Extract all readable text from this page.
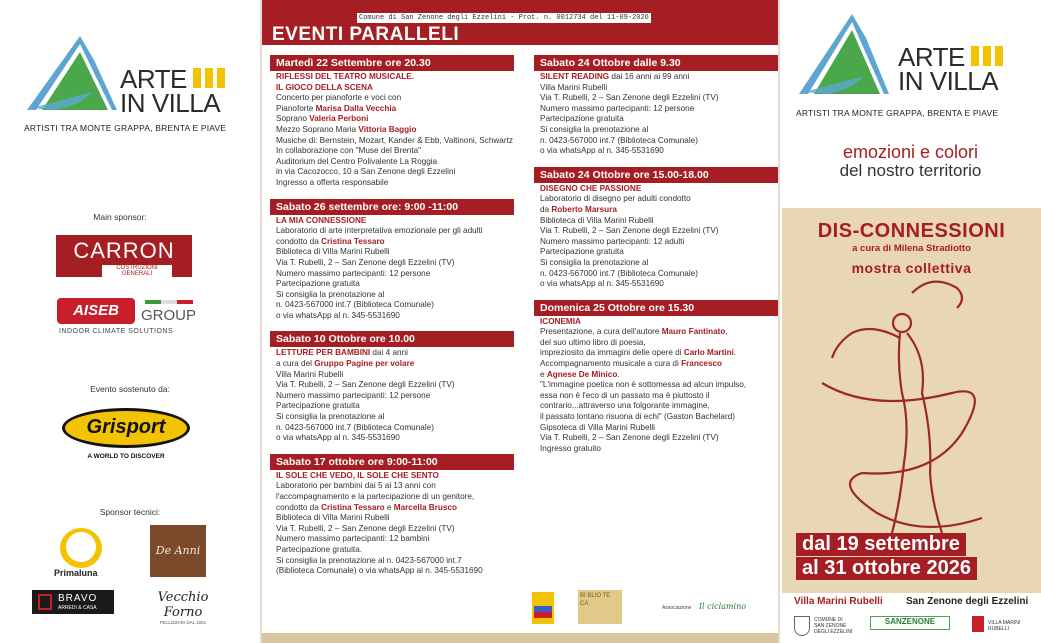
ARTE
IN VILLA
ARTISTI TRA MONTE GRAPPA, BRENTA E PIAVE
Main sponsor:
CARRON
COSTRUZIONI GENERALI
AISEB	GROUP
INDOOR CLIMATE SOLUTIONS
Evento sostenuto da:
Grisport
A WORLD TO DISCOVER
Sponsor tecnici:
Primaluna
De Anni
BRAVO
ARREDI & CASA
Vecchio Forno
PELLIZZARI DAL 1951
Comune di San Zenone degli Ezzelini - Prot. n. 0012734 del 11-09-2026
EVENTI PARALLELI
Martedì 22 Settembre ore 20.30
RIFLESSI DEL TEATRO MUSICALE.
IL GIOCO DELLA SCENA
Concerto per pianoforte e voci con
Pianoforte Marisa Dalla Vecchia
Soprano Valeria Perboni
Mezzo Soprano Maria Vittoria Baggio
Musiche di: Bernstein, Mozart, Kander & Ebb, Valtinoni, Schwartz
In collaborazione con "Muse del Brenta"
Auditorium del Centro Polivalente La Roggia
in via Cacozocco, 10 a San Zenone degli Ezzelini
Ingresso a offerta responsabile
Sabato 26 settembre ore: 9:00 -11:00
LA MIA CONNESSIONE
Laboratorio di arte interpretativa emozionale per gli adulti
condotto da Cristina Tessaro
Biblioteca di Villa Marini Rubelli
Via T. Rubelli, 2 – San Zenone degli Ezzelini (TV)
Numero massimo partecipanti: 12 persone
Partecipazione gratuita
Si consiglia la prenotazione al
n. 0423-567000 int.7 (Biblioteca Comunale)
o via whatsApp al n. 345-5531690
Sabato 10 Ottobre ore 10.00
LETTURE PER BAMBINI dai 4 anni
a cura del Gruppo Pagine per volare
Villa Marini Rubelli
Via T. Rubelli, 2 – San Zenone degli Ezzelini (TV)
Numero massimo partecipanti: 12 persone
Partecipazione gratuita
Si consiglia la prenotazione al
n. 0423-567000 int.7 (Biblioteca Comunale)
o via whatsApp al n. 345-5531690
Sabato 17 ottobre ore 9:00-11:00
IL SOLE CHE VEDO, IL SOLE CHE SENTO
Laboratorio per bambini dai 5 ai 13 anni con
l'accompagnamento e la partecipazione di un genitore,
condotto da Cristina Tessaro e Marcella Brusco
Biblioteca di Villa Marini Rubelli
Via T. Rubelli, 2 – San Zenone degli Ezzelini (TV)
Numero massimo partecipanti: 12 bambini
Partecipazione gratuita.
Si consiglia la prenotazione al n. 0423-567000 int.7
(Biblioteca Comunale) o via whatsApp al n. 345-5531690
Sabato 24 Ottobre dalle 9.30
SILENT READING dai 16 anni ai 99 anni
Villa Marini Rubelli
Via T. Rubelli, 2 – San Zenone degli Ezzelini (TV)
Numero massimo partecipanti: 12 persone
Partecipazione gratuita
Si consiglia la prenotazione al
n. 0423-567000 int.7 (Biblioteca Comunale)
o via whatsApp al n. 345-5531690
Sabato 24 Ottobre ore 15.00-18.00
DISEGNO CHE PASSIONE
Laboratorio di disegno per adulti condotto
da Roberto Marsura
Biblioteca di Villa Marini Rubelli
Via T. Rubelli, 2 – San Zenone degli Ezzelini (TV)
Numero massimo partecipanti: 12 adulti
Partecipazione gratuita
Si consiglia la prenotazione al
n. 0423-567000 int.7 (Biblioteca Comunale)
o via whatsApp al n. 345-5531690
Domenica 25 Ottobre ore 15.30
ICONEMIA
Presentazione, a cura dell'autore Mauro Fantinato,
del suo ultimo libro di poesia,
impreziosito da immagini delle opere di Carlo Martini.
Accompagnamento musicale a cura di Francesco
e Agnese De Minico.
"L'immagine poetica non è sottomessa ad alcun impulso,
essa non è l'eco di un passato ma è piuttosto il
contrario...attraverso una folgorante immagine,
il passato lontano risuona di echi" (Gaston Bachelard)
Gipsoteca di Villa Marini Rubelli
Via T. Rubelli, 2 – San Zenone degli Ezzelini (TV)
Ingresso gratuito
BI BLIO TE CA
Associazione Il ciclamino
ARTE
IN VILLA
ARTISTI TRA MONTE GRAPPA, BRENTA E PIAVE
emozioni e colori
del nostro territorio
DIS-CONNESSIONI
a cura di Milena Stradiotto
mostra collettiva
dal 19 settembre al 31 ottobre 2026
Villa Marini Rubelli San Zenone degli Ezzelini
COMUNE DI SAN ZENONE DEGLI EZZELINI
SANZENONE	VILLA MARINI RUBELLI
